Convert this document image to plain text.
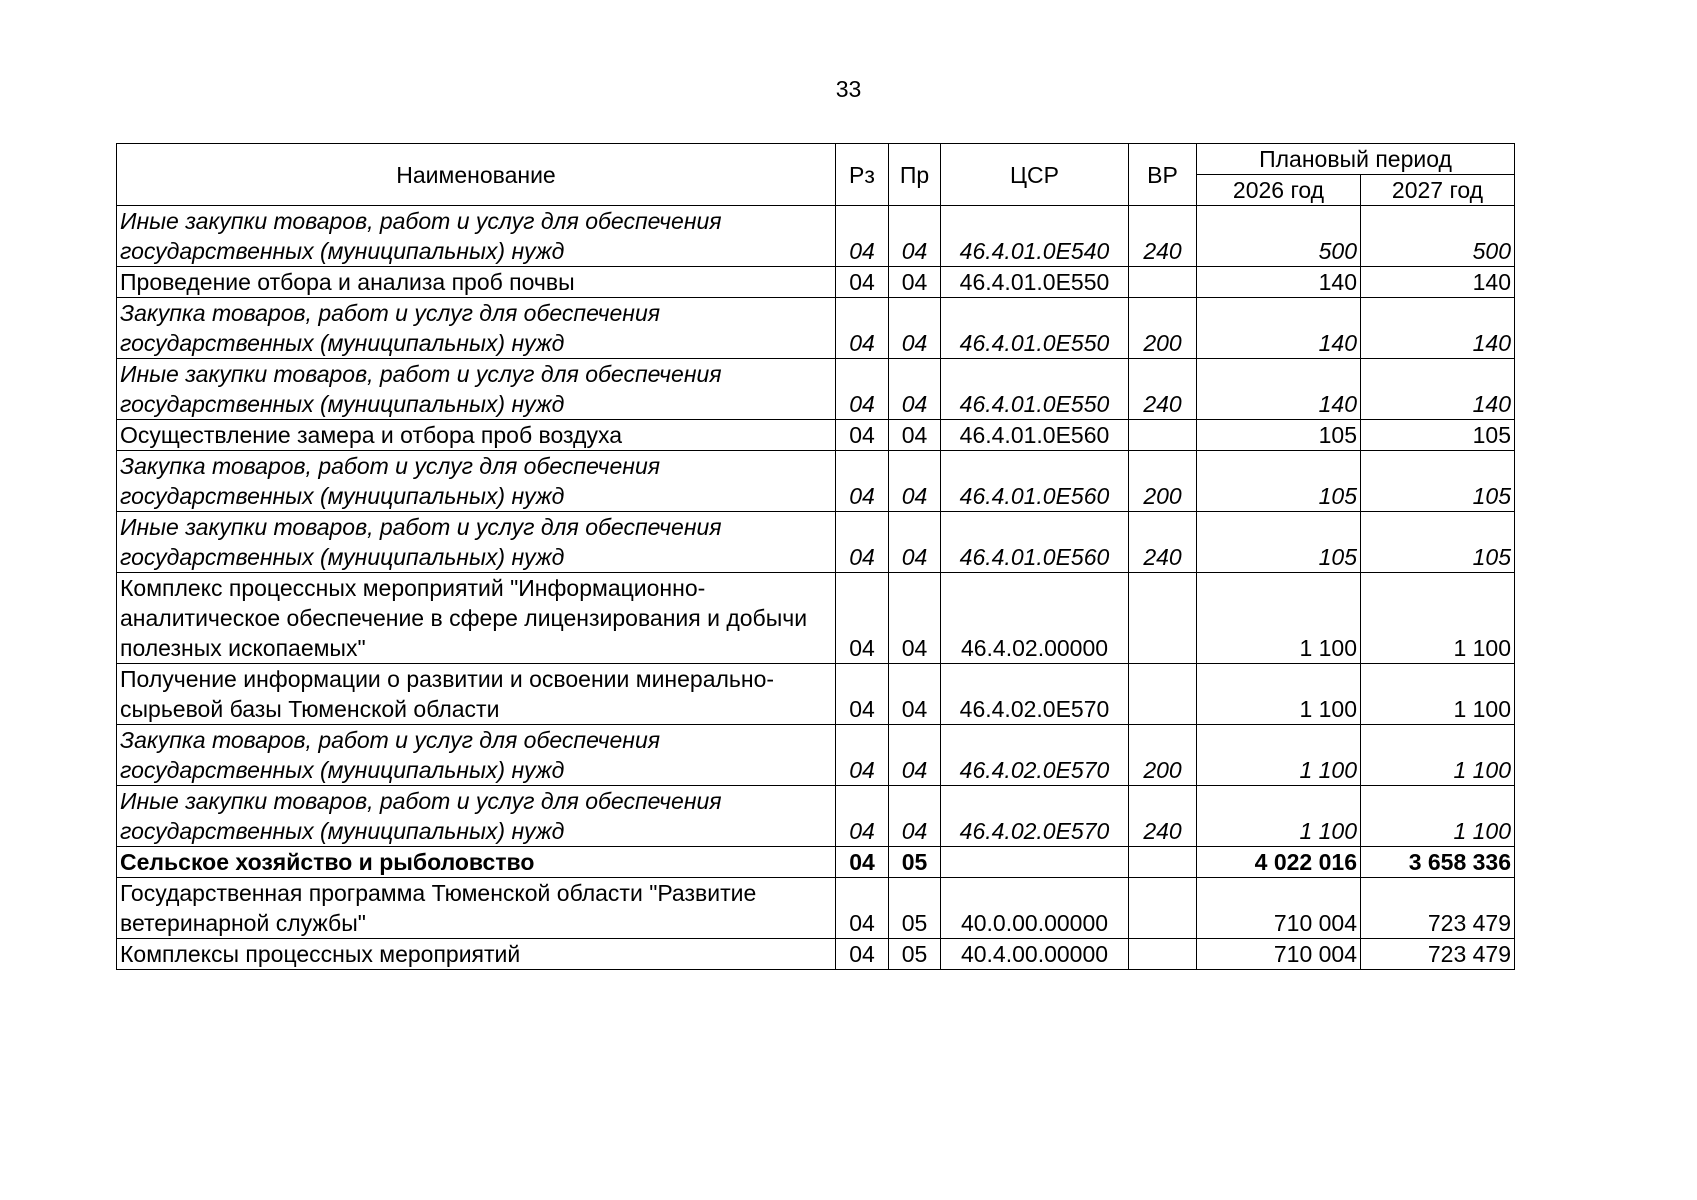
33
Наименование	Рз	Пр	ЦСР	ВР	Плановый период	
					2026 год	2027 год
Иные закупки товаров, работ и услуг для обеспечения государственных (муниципальных) нужд	04	04	46.4.01.0Е540	240	500	500
Проведение отбора и анализа проб почвы	04	04	46.4.01.0Е550		140	140
Закупка товаров, работ и услуг для обеспечения государственных (муниципальных) нужд	04	04	46.4.01.0Е550	200	140	140
Иные закупки товаров, работ и услуг для обеспечения государственных (муниципальных) нужд	04	04	46.4.01.0Е550	240	140	140
Осуществление замера и отбора проб воздуха	04	04	46.4.01.0Е560		105	105
Закупка товаров, работ и услуг для обеспечения государственных (муниципальных) нужд	04	04	46.4.01.0Е560	200	105	105
Иные закупки товаров, работ и услуг для обеспечения государственных (муниципальных) нужд	04	04	46.4.01.0Е560	240	105	105
Комплекс процессных мероприятий "Информационно-аналитическое обеспечение в сфере лицензирования и добычи полезных ископаемых"	04	04	46.4.02.00000		1 100	1 100
Получение информации о развитии и освоении минерально-сырьевой базы Тюменской области	04	04	46.4.02.0Е570		1 100	1 100
Закупка товаров, работ и услуг для обеспечения государственных (муниципальных) нужд	04	04	46.4.02.0Е570	200	1 100	1 100
Иные закупки товаров, работ и услуг для обеспечения государственных (муниципальных) нужд	04	04	46.4.02.0Е570	240	1 100	1 100
Сельское хозяйство и рыболовство	04	05			4 022 016	3 658 336
Государственная программа Тюменской области "Развитие ветеринарной службы"	04	05	40.0.00.00000		710 004	723 479
Комплексы процессных мероприятий	04	05	40.4.00.00000		710 004	723 479
